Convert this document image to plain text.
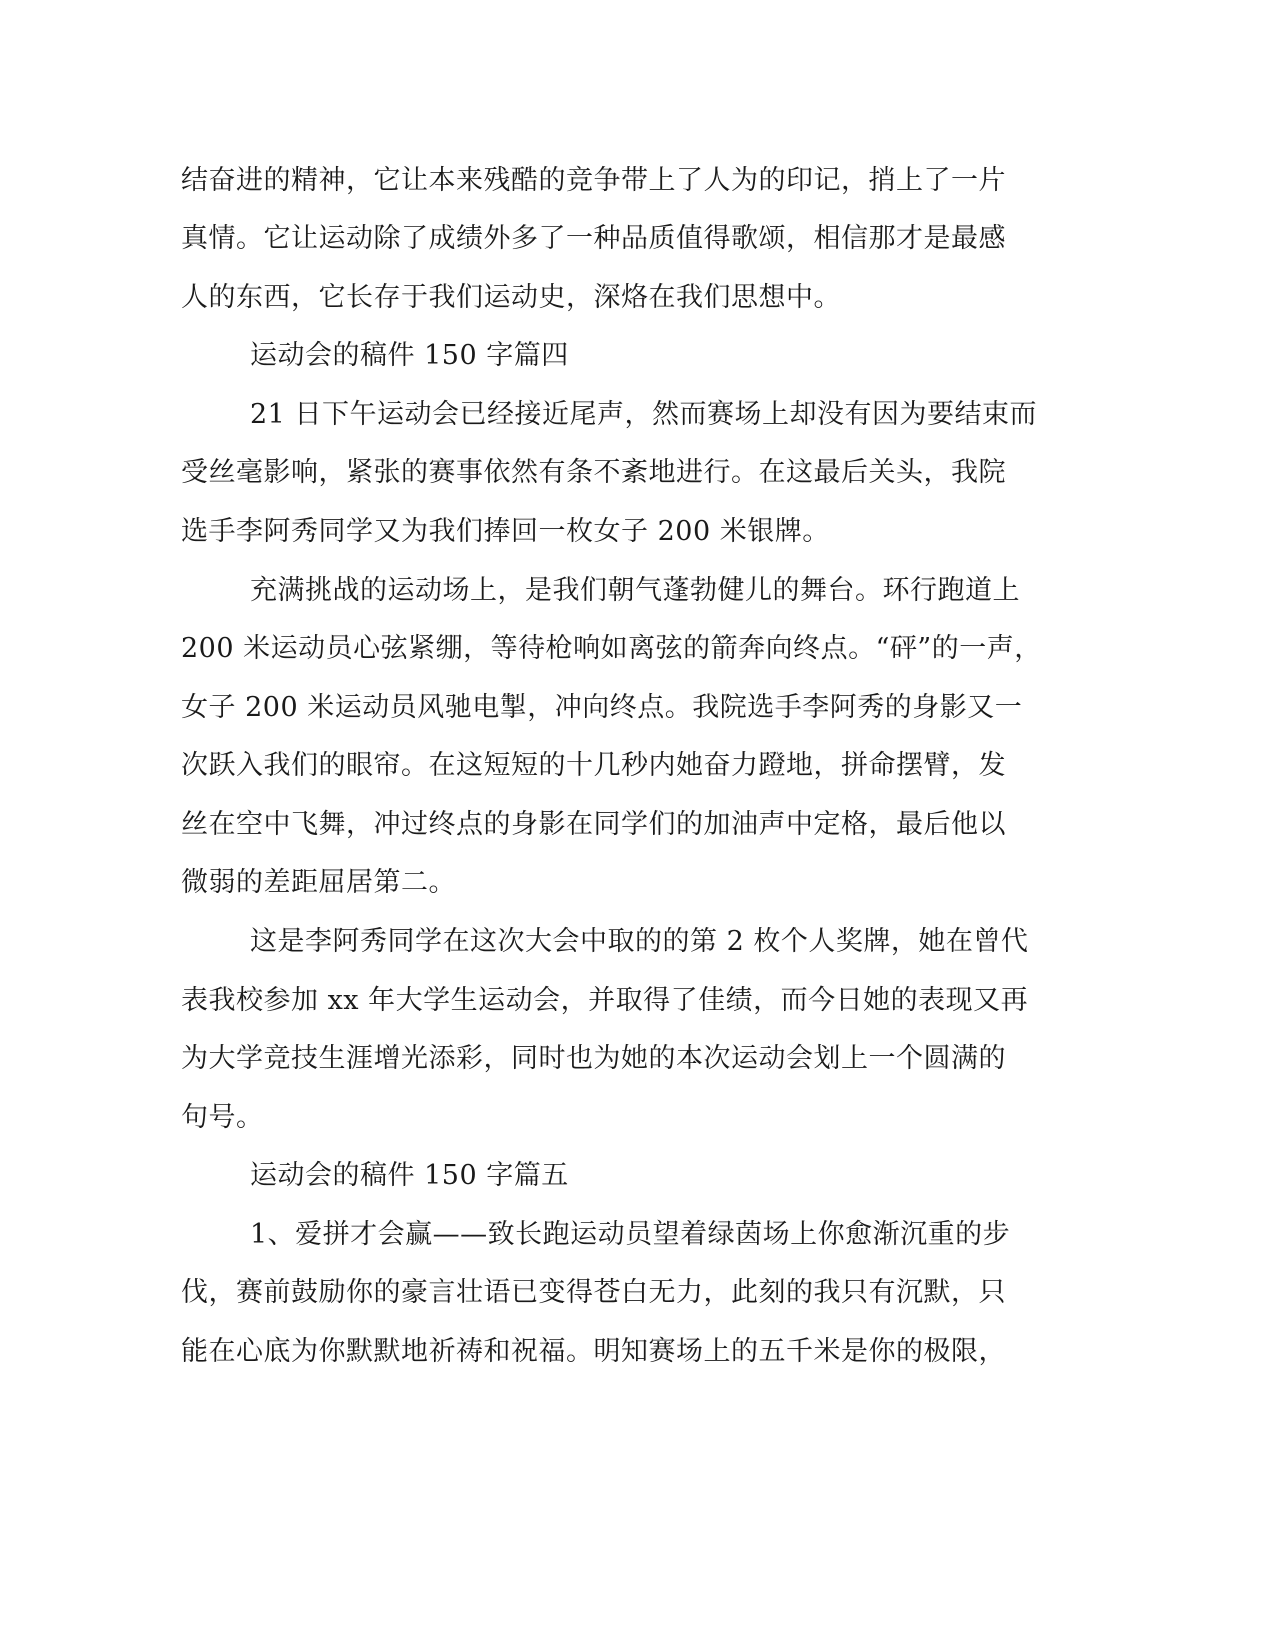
结奋进的精神，它让本来残酷的竞争带上了人为的印记，捎上了一片
真情。它让运动除了成绩外多了一种品质值得歌颂，相信那才是最感
人的东西，它长存于我们运动史，深烙在我们思想中。
运动会的稿件 150 字篇四
21 日下午运动会已经接近尾声，然而赛场上却没有因为要结束而
受丝毫影响，紧张的赛事依然有条不紊地进行。在这最后关头，我院
选手李阿秀同学又为我们捧回一枚女子 200 米银牌。
充满挑战的运动场上，是我们朝气蓬勃健儿的舞台。环行跑道上
200 米运动员心弦紧绷，等待枪响如离弦的箭奔向终点。“砰”的一声，
女子 200 米运动员风驰电掣，冲向终点。我院选手李阿秀的身影又一
次跃入我们的眼帘。在这短短的十几秒内她奋力蹬地，拼命摆臂，发
丝在空中飞舞，冲过终点的身影在同学们的加油声中定格，最后他以
微弱的差距屈居第二。
这是李阿秀同学在这次大会中取的的第 2 枚个人奖牌，她在曾代
表我校参加 xx 年大学生运动会，并取得了佳绩，而今日她的表现又再
为大学竞技生涯增光添彩，同时也为她的本次运动会划上一个圆满的
句号。
运动会的稿件 150 字篇五
1、爱拼才会赢——致长跑运动员望着绿茵场上你愈渐沉重的步
伐，赛前鼓励你的豪言壮语已变得苍白无力，此刻的我只有沉默，只
能在心底为你默默地祈祷和祝福。明知赛场上的五千米是你的极限，
